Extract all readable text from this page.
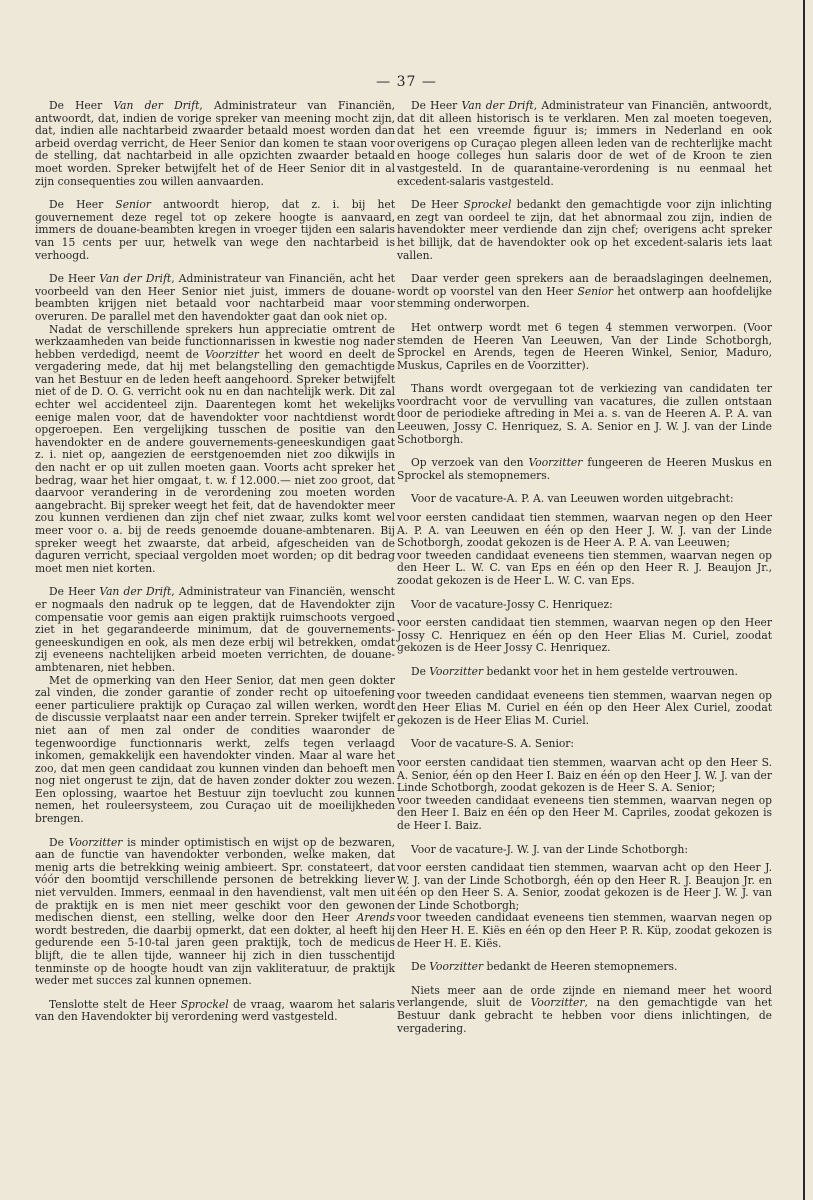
— 37 —

De Heer Van der Drift, Administrateur van Financiën, antwoordt, dat, indien de vorige spreker van meening mocht zijn, dat, indien alle nachtarbeid zwaarder betaald moest worden dan arbeid overdag verricht, de Heer Senior dan komen te staan voor de stelling, dat nachtarbeid in alle opzichten zwaarder betaald moet worden. Spreker betwijfelt het of de Heer Senior dit in al zijn consequenties zou willen aanvaarden.

De Heer Senior antwoordt hierop, dat z. i. bij het gouvernement deze regel tot op zekere hoogte is aanvaard, immers de douane-beambten kregen in vroeger tijden een salaris van 15 cents per uur, hetwelk van wege den nachtarbeid is verhoogd.

De Heer Van der Drift, Administrateur van Financiën, acht het voorbeeld van den Heer Senior niet juist, immers de douane-beambten krijgen niet betaald voor nachtarbeid maar voor overuren. De parallel met den havendokter gaat dan ook niet op.

Nadat de verschillende sprekers hun appreciatie omtrent de werkzaamheden van beide functionnarissen in kwestie nog nader hebben verdedigd, neemt de Voorzitter het woord en deelt de vergadering mede, dat hij met belangstelling den gemachtigde van het Bestuur en de leden heeft aangehoord. Spreker betwijfelt niet of de D. O. G. verricht ook nu en dan nachtelijk werk. Dit zal echter wel accidenteel zijn. Daarentegen komt het wekelijks eenige malen voor, dat de havendokter voor nachtdienst wordt opgeroepen. Een vergelijking tusschen de positie van den havendokter en de andere gouvernements-geneeskundigen gaat z. i. niet op, aangezien de eerstgenoemden niet zoo dikwijls in den nacht er op uit zullen moeten gaan. Voorts acht spreker het bedrag, waar het hier omgaat, t. w. f 12.000.— niet zoo groot, dat daarvoor verandering in de verordening zou moeten worden aangebracht. Bij spreker weegt het feit, dat de havendokter meer zou kunnen verdienen dan zijn chef niet zwaar, zulks komt wel meer voor o. a. bij de reeds genoemde douane-ambtenaren. Bij spreker weegt het zwaarste, dat arbeid, afgescheiden van de daguren verricht, speciaal vergolden moet worden; op dit bedrag moet men niet korten.

De Heer Van der Drift, Administrateur van Financiën, wenscht er nogmaals den nadruk op te leggen, dat de Havendokter zijn compensatie voor gemis aan eigen praktijk ruimschoots vergoed ziet in het gegarandeerde minimum, dat de gouvernements-geneeskundigen en ook, als men deze erbij wil betrekken, omdat zij eveneens nachtelijken arbeid moeten verrichten, de douane-ambtenaren, niet hebben.

Met de opmerking van den Heer Senior, dat men geen dokter zal vinden, die zonder garantie of zonder recht op uitoefening eener particuliere praktijk op Curaçao zal willen werken, wordt de discussie verplaatst naar een ander terrein. Spreker twijfelt er niet aan of men zal onder de condities waaronder de tegenwoordige functionnaris werkt, zelfs tegen verlaagd inkomen, gemakkelijk een havendokter vinden. Maar al ware het zoo, dat men geen candidaat zou kunnen vinden dan behoeft men nog niet ongerust te zijn, dat de haven zonder dokter zou wezen. Een oplossing, waartoe het Bestuur zijn toevlucht zou kunnen nemen, het rouleersysteem, zou Curaçao uit de moeilijkheden brengen.

De Voorzitter is minder optimistisch en wijst op de bezwaren, aan de functie van havendokter verbonden, welke maken, dat menig arts die betrekking weinig ambieert. Spr. constateert, dat vóór den boomtijd verschillende personen de betrekking liever niet vervulden. Immers, eenmaal in den havendienst, valt men uit de praktijk en is men niet meer geschikt voor den gewonen medischen dienst, een stelling, welke door den Heer Arends wordt bestreden, die daarbij opmerkt, dat een dokter, al heeft hij gedurende een 5-10-tal jaren geen praktijk, toch de medicus blijft, die te allen tijde, wanneer hij zich in dien tusschentijd tenminste op de hoogte houdt van zijn vakliteratuur, de praktijk weder met succes zal kunnen opnemen.

Tenslotte stelt de Heer Sprockel de vraag, waarom het salaris van den Havendokter bij verordening werd vastgesteld.

De Heer Van der Drift, Administrateur van Financiën, antwoordt, dat dit alleen historisch is te verklaren. Men zal moeten toegeven, dat het een vreemde figuur is; immers in Nederland en ook overigens op Curaçao plegen alleen leden van de rechterlijke macht en hooge colleges hun salaris door de wet of de Kroon te zien vastgesteld. In de quarantaine-verordening is nu eenmaal het excedent-salaris vastgesteld.

De Heer Sprockel bedankt den gemachtigde voor zijn inlichting en zegt van oordeel te zijn, dat het abnormaal zou zijn, indien de havendokter meer verdiende dan zijn chef; overigens acht spreker het billijk, dat de havendokter ook op het excedent-salaris iets laat vallen.

Daar verder geen sprekers aan de beraadslagingen deelnemen, wordt op voorstel van den Heer Senior het ontwerp aan hoofdelijke stemming onderworpen.

Het ontwerp wordt met 6 tegen 4 stemmen verworpen. (Voor stemden de Heeren Van Leeuwen, Van der Linde Schotborgh, Sprockel en Arends, tegen de Heeren Winkel, Senior, Maduro, Muskus, Capriles en de Voorzitter).

Thans wordt overgegaan tot de verkiezing van candidaten ter voordracht voor de vervulling van vacatures, die zullen ontstaan door de periodieke aftreding in Mei a. s. van de Heeren A. P. A. van Leeuwen, Jossy C. Henriquez, S. A. Senior en J. W. J. van der Linde Schotborgh.

Op verzoek van den Voorzitter fungeeren de Heeren Muskus en Sprockel als stemopnemers.

Voor de vacature-A. P. A. van Leeuwen worden uitgebracht:

voor eersten candidaat tien stemmen, waarvan negen op den Heer A. P. A. van Leeuwen en één op den Heer J. W. J. van der Linde Schotborgh, zoodat gekozen is de Heer A. P. A. van Leeuwen;

voor tweeden candidaat eveneens tien stemmen, waarvan negen op den Heer L. W. C. van Eps en één op den Heer R. J. Beaujon Jr., zoodat gekozen is de Heer L. W. C. van Eps.

Voor de vacature-Jossy C. Henriquez:

voor eersten candidaat tien stemmen, waarvan negen op den Heer Jossy C. Henriquez en één op den Heer Elias M. Curiel, zoodat gekozen is de Heer Jossy C. Henriquez.

De Voorzitter bedankt voor het in hem gestelde vertrouwen.

voor tweeden candidaat eveneens tien stemmen, waarvan negen op den Heer Elias M. Curiel en één op den Heer Alex Curiel, zoodat gekozen is de Heer Elias M. Curiel.

Voor de vacature-S. A. Senior:

voor eersten candidaat tien stemmen, waarvan acht op den Heer S. A. Senior, één op den Heer I. Baiz en één op den Heer J. W. J. van der Linde Schotborgh, zoodat gekozen is de Heer S. A. Senior;

voor tweeden candidaat eveneens tien stemmen, waarvan negen op den Heer I. Baiz en één op den Heer M. Capriles, zoodat gekozen is de Heer I. Baiz.

Voor de vacature-J. W. J. van der Linde Schotborgh:

voor eersten candidaat tien stemmen, waarvan acht op den Heer J. W. J. van der Linde Schotborgh, één op den Heer R. J. Beaujon Jr. en één op den Heer S. A. Senior, zoodat gekozen is de Heer J. W. J. van der Linde Schotborgh;

voor tweeden candidaat eveneens tien stemmen, waarvan negen op den Heer H. E. Kiës en één op den Heer P. R. Küp, zoodat gekozen is de Heer H. E. Kiës.

De Voorzitter bedankt de Heeren stemopnemers.

Niets meer aan de orde zijnde en niemand meer het woord verlangende, sluit de Voorzitter, na den gemachtigde van het Bestuur dank gebracht te hebben voor diens inlichtingen, de vergadering.
